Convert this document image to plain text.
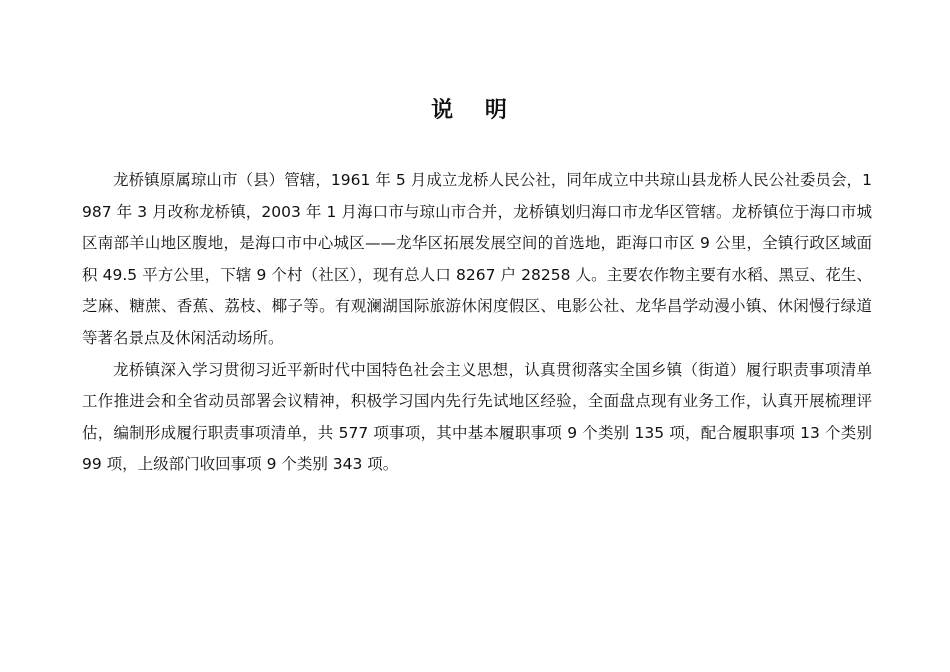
说 明

龙桥镇原属琼山市（县）管辖，1961 年 5 月成立龙桥人民公社，同年成立中共琼山县龙桥人民公社委员会，1987 年 3 月改称龙桥镇，2003 年 1 月海口市与琼山市合并，龙桥镇划归海口市龙华区管辖。龙桥镇位于海口市城区南部羊山地区腹地，是海口市中心城区——龙华区拓展发展空间的首选地，距海口市区 9 公里，全镇行政区域面积 49.5 平方公里，下辖 9 个村（社区），现有总人口 8267 户 28258 人。主要农作物主要有水稻、黑豆、花生、芝麻、糖蔗、香蕉、荔枝、椰子等。有观澜湖国际旅游休闲度假区、电影公社、龙华昌学动漫小镇、休闲慢行绿道等著名景点及休闲活动场所。

龙桥镇深入学习贯彻习近平新时代中国特色社会主义思想，认真贯彻落实全国乡镇（街道）履行职责事项清单工作推进会和全省动员部署会议精神，积极学习国内先行先试地区经验，全面盘点现有业务工作，认真开展梳理评估，编制形成履行职责事项清单，共 577 项事项，其中基本履职事项 9 个类别 135 项，配合履职事项 13 个类别 99 项，上级部门收回事项 9 个类别 343 项。
